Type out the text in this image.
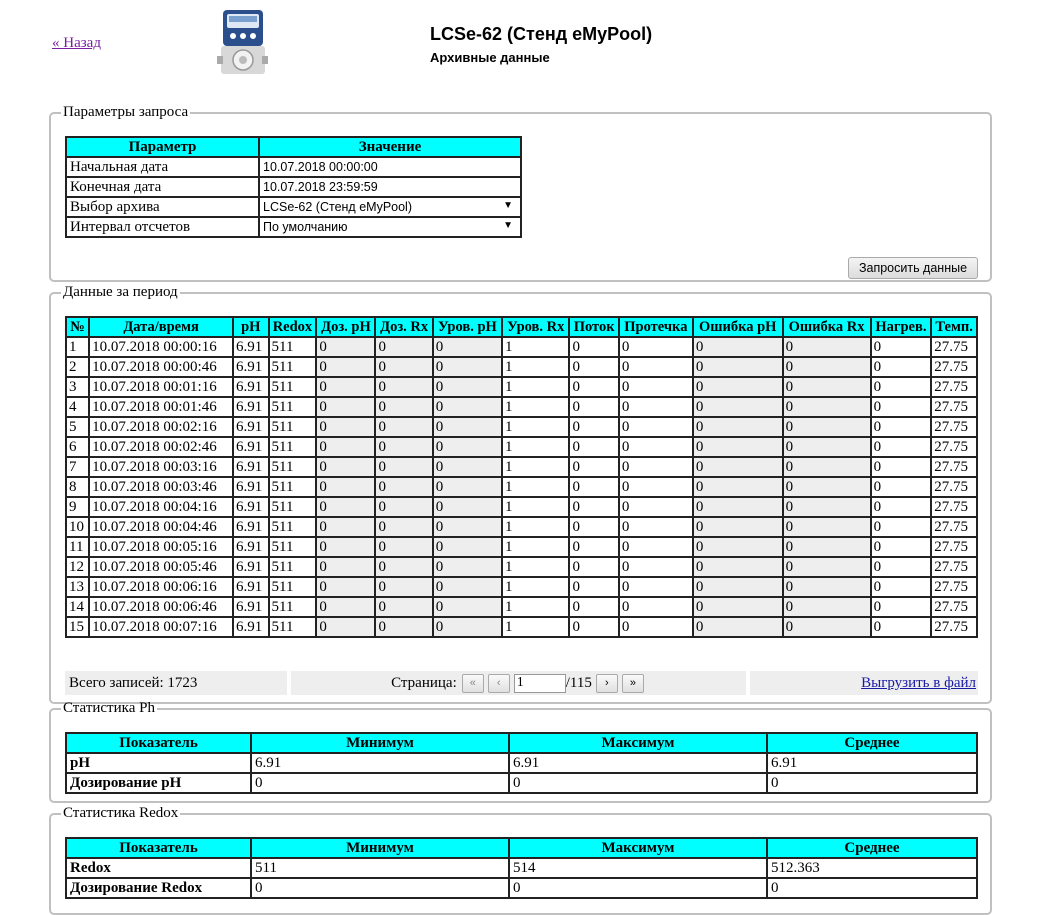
« Назад	LCSe-62 (Стенд eMyPool)
Архивные данные
Параметры запроса
Параметр	Значение
Начальная дата	10.07.2018 00:00:00
Конечная дата	10.07.2018 23:59:59
Выбор архива	LCSe-62 (Стенд eMyPool) ▼

Интервал отсчетов	По умолчанию ▼
Запросить данные
Данные за период
№	Дата/время	pH	Redox	Доз. pH	Доз. Rx	Уров. pH	Уров. Rx	Поток	Протечка	Ошибка pH	Ошибка Rx	Нагрев.	Темп.
1	10.07.2018 00:00:16	6.91	511	0	0	0	1	0	0	0	0	0	27.75
2	10.07.2018 00:00:46	6.91	511	0	0	0	1	0	0	0	0	0	27.75
3	10.07.2018 00:01:16	6.91	511	0	0	0	1	0	0	0	0	0	27.75
4	10.07.2018 00:01:46	6.91	511	0	0	0	1	0	0	0	0	0	27.75
5	10.07.2018 00:02:16	6.91	511	0	0	0	1	0	0	0	0	0	27.75
6	10.07.2018 00:02:46	6.91	511	0	0	0	1	0	0	0	0	0	27.75
7	10.07.2018 00:03:16	6.91	511	0	0	0	1	0	0	0	0	0	27.75
8	10.07.2018 00:03:46	6.91	511	0	0	0	1	0	0	0	0	0	27.75
9	10.07.2018 00:04:16	6.91	511	0	0	0	1	0	0	0	0	0	27.75
10	10.07.2018 00:04:46	6.91	511	0	0	0	1	0	0	0	0	0	27.75
11	10.07.2018 00:05:16	6.91	511	0	0	0	1	0	0	0	0	0	27.75
12	10.07.2018 00:05:46	6.91	511	0	0	0	1	0	0	0	0	0	27.75
13	10.07.2018 00:06:16	6.91	511	0	0	0	1	0	0	0	0	0	27.75
14	10.07.2018 00:06:46	6.91	511	0	0	0	1	0	0	0	0	0	27.75
15	10.07.2018 00:07:16	6.91	511	0	0	0	1	0	0	0	0	0	27.75
Всего записей: 1723	Страница:	«	‹
1	/115	›	»	Выгрузить в файл
Статистика Ph
Показатель	Минимум	Максимум	Среднее
pH	6.91	6.91	6.91
Дозирование pH	0	0	0
Статистика Redox
Показатель	Минимум	Максимум	Среднее
Redox	511	514	512.363
Дозирование Redox	0	0	0
